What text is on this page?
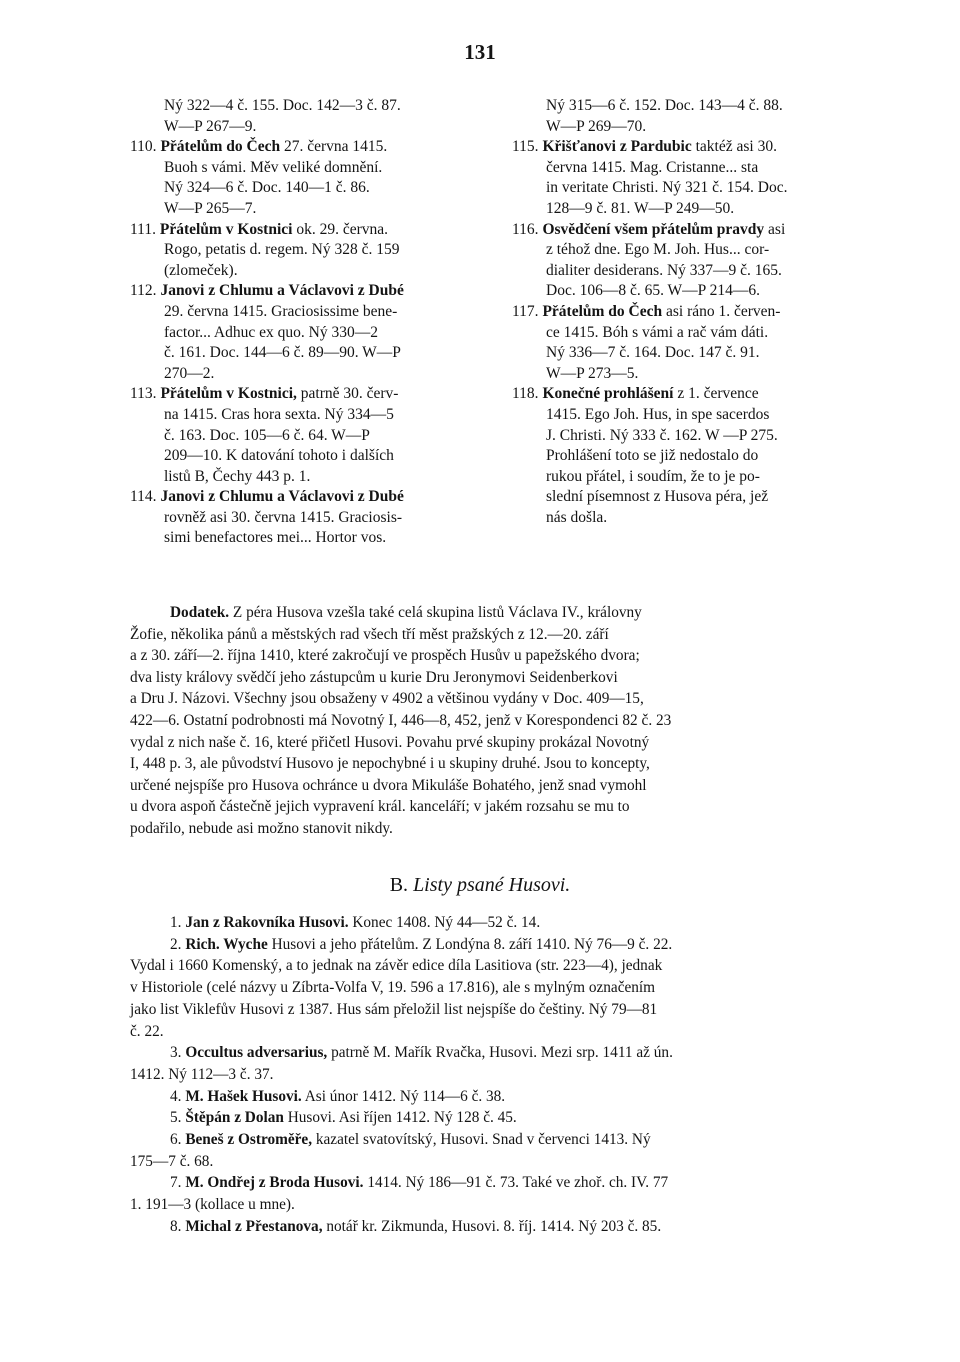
131
Ný 322—4 č. 155. Doc. 142—3 č. 87.
W—P 267—9.
110. Přátelům do Čech 27. června 1415.
Buoh s vámi. Měv veliké domnění.
Ný 324—6 č. Doc. 140—1 č. 86.
W—P 265—7.
111. Přátelům v Kostnici ok. 29. června.
Rogo, petatis d. regem. Ný 328 č. 159
(zlomeček).
112. Janovi z Chlumu a Václavovi z Dubé
29. června 1415. Graciosissime bene-
factor... Adhuc ex quo. Ný 330—2
č. 161. Doc. 144—6 č. 89—90. W—P
270—2.
113. Přátelům v Kostnici, patrně 30. červ-
na 1415. Cras hora sexta. Ný 334—5
č. 163. Doc. 105—6 č. 64. W—P
209—10. K datování tohoto i dalších
listů B, Čechy 443 p. 1.
114. Janovi z Chlumu a Václavovi z Dubé
rovněž asi 30. června 1415. Graciosis-
simi benefactores mei... Hortor vos.
Ný 315—6 č. 152. Doc. 143—4 č. 88.
W—P 269—70.
115. Křišťanovi z Pardubic taktéž asi 30.
června 1415. Mag. Cristanne... sta
in veritate Christi. Ný 321 č. 154. Doc.
128—9 č. 81. W—P 249—50.
116. Osvědčení všem přátelům pravdy asi
z téhož dne. Ego M. Joh. Hus... cor-
dialiter desiderans. Ný 337—9 č. 165.
Doc. 106—8 č. 65. W—P 214—6.
117. Přátelům do Čech asi ráno 1. červen-
ce 1415. Bóh s vámi a rač vám dáti.
Ný 336—7 č. 164. Doc. 147 č. 91.
W—P 273—5.
118. Konečné prohlášení z 1. července
1415. Ego Joh. Hus, in spe sacerdos
J. Christi. Ný 333 č. 162. W —P 275.
Prohlášení toto se již nedostalo do
rukou přátel, i soudím, že to je po-
slední písemnost z Husova péra, jež
nás došla.
Dodatek. Z péra Husova vzešla také celá skupina listů Václava IV., královny
Žofie, několika pánů a městských rad všech tří měst pražských z 12.—20. září
a z 30. září—2. října 1410, které zakročují ve prospěch Husův u papežského dvora;
dva listy královy svědčí jeho zástupcům u kurie Dru Jeronymovi Seidenberkovi
a Dru J. Názovi. Všechny jsou obsaženy v 4902 a většinou vydány v Doc. 409—15,
422—6. Ostatní podrobnosti má Novotný I, 446—8, 452, jenž v Korespondenci 82 č. 23
vydal z nich naše č. 16, které přičetl Husovi. Povahu prvé skupiny prokázal Novotný
I, 448 p. 3, ale původství Husovo je nepochybné i u skupiny druhé. Jsou to koncepty,
určené nejspíše pro Husova ochránce u dvora Mikuláše Bohatého, jenž snad vymohl
u dvora aspoň částečně jejich vypravení král. kanceláří; v jakém rozsahu se mu to
podařilo, nebude asi možno stanovit nikdy.
B. Listy psané Husovi.
1. Jan z Rakovníka Husovi. Konec 1408. Ný 44—52 č. 14.
2. Rich. Wyche Husovi a jeho přátelům. Z Londýna 8. září 1410. Ný 76—9 č. 22.
Vydal i 1660 Komenský, a to jednak na závěr edice díla Lasitiova (str. 223—4), jednak
v Historiole (celé názvy u Zíbrta-Volfa V, 19. 596 a 17.816), ale s mylným označením
jako list Viklefův Husovi z 1387. Hus sám přeložil list nejspíše do češtiny. Ný 79—81
č. 22.
3. Occultus adversarius, patrně M. Mařík Rvačka, Husovi. Mezi srp. 1411 až ún.
1412. Ný 112—3 č. 37.
4. M. Hašek Husovi. Asi únor 1412. Ný 114—6 č. 38.
5. Štěpán z Dolan Husovi. Asi říjen 1412. Ný 128 č. 45.
6. Beneš z Ostroměře, kazatel svatovítský, Husovi. Snad v červenci 1413. Ný
175—7 č. 68.
7. M. Ondřej z Broda Husovi. 1414. Ný 186—91 č. 73. Také ve zhoř. ch. IV. 77
1. 191—3 (kollace u mne).
8. Michal z Přestanova, notář kr. Zikmunda, Husovi. 8. říj. 1414. Ný 203 č. 85.
